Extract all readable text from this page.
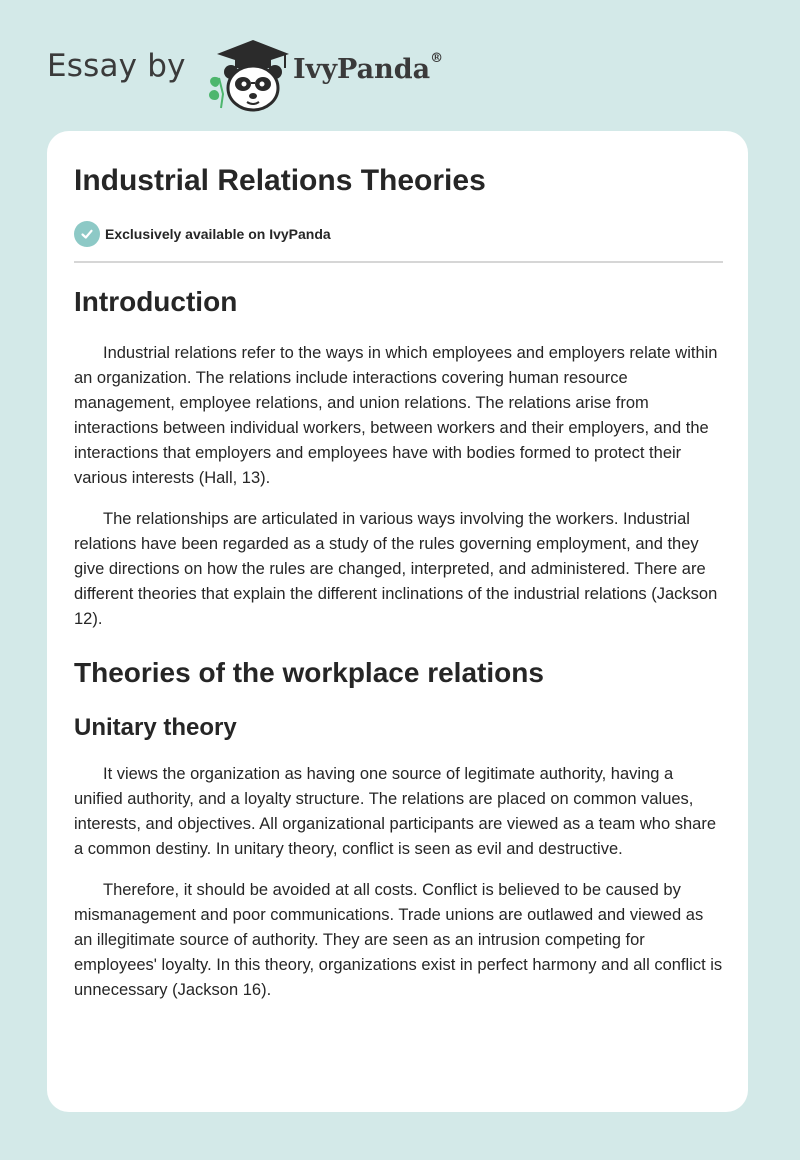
Essay by	IvyPanda®
Industrial Relations Theories
Exclusively available on IvyPanda
Introduction

Industrial relations refer to the ways in which employees and employers relate within an organization. The relations include interactions covering human resource management, employee relations, and union relations. The relations arise from interactions between individual workers, between workers and their employers, and the interactions that employers and employees have with bodies formed to protect their various interests (Hall, 13).

The relationships are articulated in various ways involving the workers. Industrial relations have been regarded as a study of the rules governing employment, and they give directions on how the rules are changed, interpreted, and administered. There are different theories that explain the different inclinations of the industrial relations (Jackson 12).

Theories of the workplace relations
Unitary theory

It views the organization as having one source of legitimate authority, having a unified authority, and a loyalty structure. The relations are placed on common values, interests, and objectives. All organizational participants are viewed as a team who share a common destiny. In unitary theory, conflict is seen as evil and destructive.

Therefore, it should be avoided at all costs. Conflict is believed to be caused by mismanagement and poor communications. Trade unions are outlawed and viewed as an illegitimate source of authority. They are seen as an intrusion competing for employees' loyalty. In this theory, organizations exist in perfect harmony and all conflict is unnecessary (Jackson 16).
